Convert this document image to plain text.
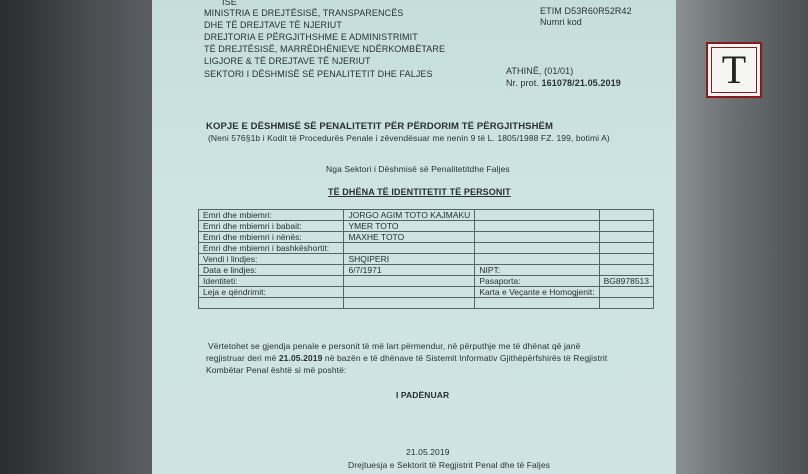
ISE
MINISTRIA E DREJTËSISË, TRANSPARENCËS
DHE TË DREJTAVE TË NJERIUT
DREJTORIA E PËRGJITHSHME E ADMINISTRIMIT
TË DREJTËSISË, MARRËDHËNIEVE NDËRKOMBËTARE
LIGJORE & TË DREJTAVE TË NJERIUT
SEKTORI I DËSHMISË SË PENALITETIT DHE FALJES
ETIM D53R60R52R42
Numri kod
ATHINË, (01/01)
Nr. prot. 161078/21.05.2019
KOPJE E DËSHMISË SË PENALITETIT PËR PËRDORIM TË PËRGJITHSHËM
(Neni 576§1b i Kodit të Procedurës Penale i zëvendësuar me nenin 9 të L. 1805/1988 FZ. 199, botimi A)
Nga Sektori i Dëshmisë së Penalitetitdhe Faljes
TË DHËNA TË IDENTITETIT TË PERSONIT
Emri dhe mbiemri:	JORGO AGIM TOTO KAJMAKU		
Emri dhe mbiemri i babait:	YMER TOTO		
Emri dhe mbiemri i nënës:	MAXHE TOTO		
Emri dhe mbiemri i bashkëshortit:			
Vendi i lindjes:	SHQIPERI		
Data e lindjes:	6/7/1971	NIPT:	
Identiteti:		Pasaporta:	BG8978513
Leja e qëndrimit:		Karta e Veçante e Homogjenit:	

Vërtetohet se gjendja penale e personit të më lart përmendur, në përputhje me të dhënat që janë
regjistruar deri më 21.05.2019 në bazën e të dhënave të Sistemit Informativ Gjithëpërfshirës të Regjistrit
Kombëtar Penal është si më poshtë:
I PADËNUAR
21.05.2019
Drejtuesja e Sektorit të Regjistrit Penal dhe të Faljes
T
